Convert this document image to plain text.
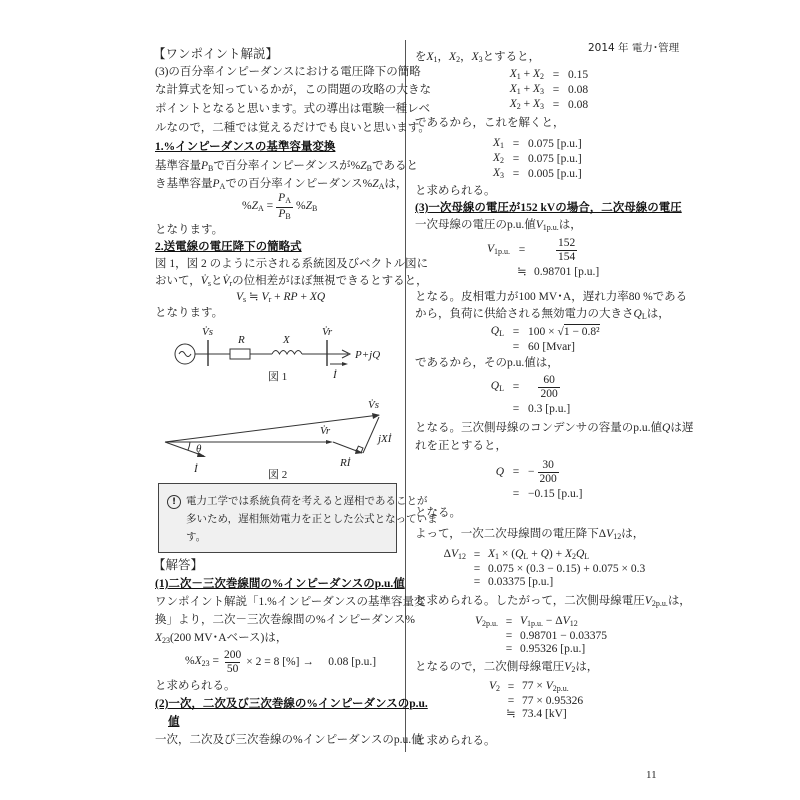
2014 年 電力･管理
【ワンポイント解説】
(3)の百分率インピーダンスにおける電圧降下の簡略
な計算式を知っているかが，この問題の攻略の大きな
ポイントとなると思います。式の導出は電験一種レベ
ルなので，二種では覚えるだけでも良いと思います。
1.%インピーダンスの基準容量変換
基準容量$P_B$で百分率インピーダンスが$\%Z_B$であると
き基準容量$P_A$での百分率インピーダンス$\%Z_A$は，
$\%Z_A = \frac{P_A}{P_B} \%Z_B$
となります。
2.送電線の電圧降下の簡略式
図 1，図 2 のように示される系統図及びベクトル図に
おいて，$V̇_s$と$V̇_r$の位相差がほぼ無視できるとすると，
$V_s$ ≒ $V_r$ + RP + XQ
となります。
V̇s
R	X
V̇r
P+jQ
İ
図 1
V̇s
V̇r
θ
İ	Rİ
jXİ
図 2
! 電力工学では系統負荷を考えると遅相であることが
多いため，遅相無効電力を正とした公式となっていま
す。
【解答】
(1)二次－三次巻線間の%インピーダンスのp.u.値
ワンポイント解説「1.%インピーダンスの基準容量変
換」より，二次－三次巻線間の%インピーダンス%
$X_{23}(200$ MV･Aベース)は，
$\%X_{23} = \frac{200}{50} \times 2 = 8$ [%] →　 0.08 [p.u.]
と求められる。
(2)一次，二次及び三次巻線の%インピーダンスのp.u.
値
一次，二次及び三次巻線の%インピーダンスのp.u.値
を$X_1$，$X_2$，$X_3$とすると，
$X_1 + X_2 = 0.15$
$X_1 + X_3 = 0.08$
$X_2 + X_3 = 0.08$
であるから，これを解くと，
$X_1 = 0.075$ [p.u.]
$X_2 = 0.075$ [p.u.]
$X_3 = 0.005$ [p.u.]
と求められる。
(3)一次母線の電圧が152 kVの場合，二次母線の電圧
一次母線の電圧のp.u.値$V_{1p.u.}$は，
$V_{1p.u.} = \frac{152}{154}$
≒ 0.98701 [p.u.]
となる。皮相電力が100 MV･A，遅れ力率80 %である
から，負荷に供給される無効電力の大きさ$Q_L$は，
$Q_L = 100 \times √1 - 0.8^2$
= 60 [Mvar]
であるから，そのp.u.値は，
$Q_L = \frac{60}{200}$
= 0.3 [p.u.]
となる。三次側母線のコンデンサの容量のp.u.値Qは遅
れを正とすると，
Q = − $\frac{30}{200}$
= −0.15 [p.u.]
となる。
よって，一次二次母線間の電圧降下$\Delta V_{12}$は，
$\Delta V_{12} = X_1 \times (Q_L + Q) + X_2Q_L$
= 0.075 × (0.3 − 0.15) + 0.075 × 0.3
= 0.03375 [p.u.]
と求められる。したがって，二次側母線電圧$V_{2p.u.}$は，
$V_{2p.u.} = V_{1p.u.} - \Delta V_{12}$
= 0.98701 − 0.03375
= 0.95326 [p.u.]
となるので，二次側母線電圧$V_2$は，
$V_2 = 77 \times V_{2p.u.}$
= 77 × 0.95326
≒ 73.4 [kV]
と求められる。
11
